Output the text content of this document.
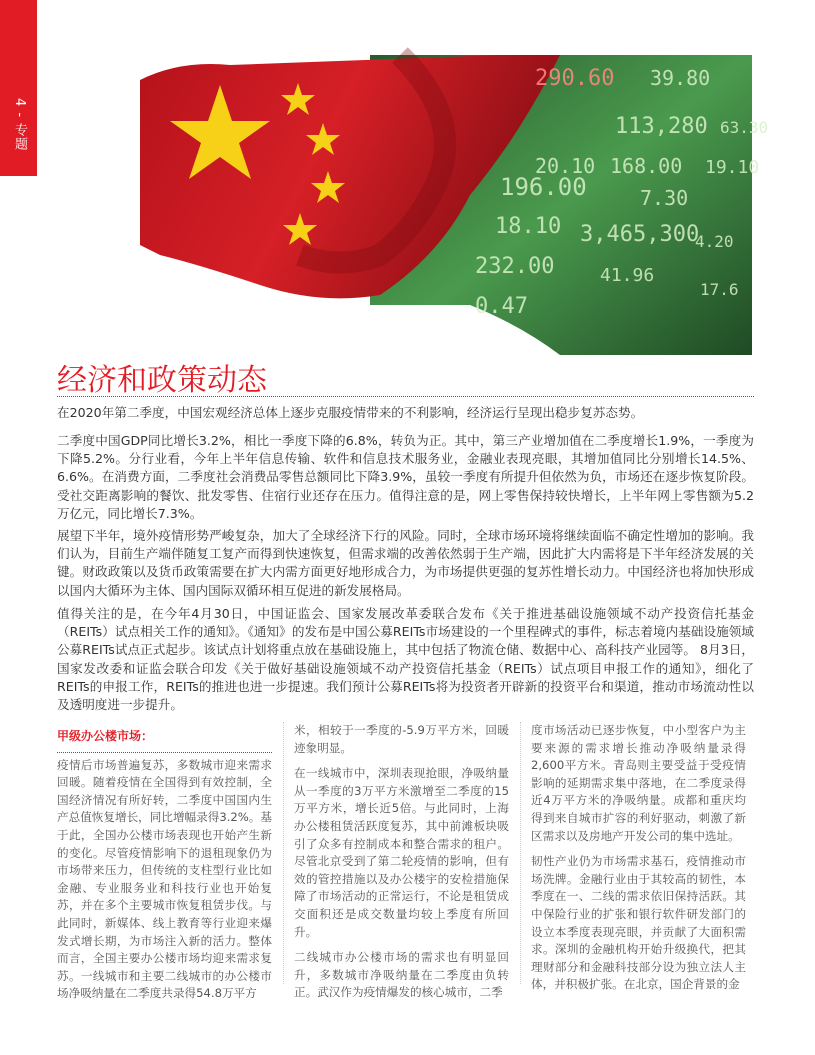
4 - 专题
290.60 39.80
113,280 63.30
20.10 168.00 19.10
196.00	7.30
18.10 3,465,300
232.00
0.47
4.20
41.96
17.6
经济和政策动态

在2020年第二季度，中国宏观经济总体上逐步克服疫情带来的不利影响，经济运行呈现出稳步复苏态势。

二季度中国GDP同比增长3.2%，相比一季度下降的6.8%，转负为正。其中，第三产业增加值在二季度增长1.9%，一季度为下降5.2%。分行业看，今年上半年信息传输、软件和信息技术服务业，金融业表现亮眼，其增加值同比分别增长14.5%、6.6%。在消费方面，二季度社会消费品零售总额同比下降3.9%，虽较一季度有所提升但依然为负，市场还在逐步恢复阶段。受社交距离影响的餐饮、批发零售、住宿行业还存在压力。值得注意的是，网上零售保持较快增长，上半年网上零售额为5.2万亿元，同比增长7.3%。

展望下半年，境外疫情形势严峻复杂，加大了全球经济下行的风险。同时，全球市场环境将继续面临不确定性增加的影响。我们认为，目前生产端伴随复工复产而得到快速恢复，但需求端的改善依然弱于生产端，因此扩大内需将是下半年经济发展的关键。财政政策以及货币政策需要在扩大内需方面更好地形成合力，为市场提供更强的复苏性增长动力。中国经济也将加快形成以国内大循环为主体、国内国际双循环相互促进的新发展格局。

值得关注的是，在今年4月30日，中国证监会、国家发展改革委联合发布《关于推进基础设施领域不动产投资信托基金（REITs）试点相关工作的通知》。《通知》的发布是中国公募REITs市场建设的一个里程碑式的事件，标志着境内基础设施领域公募REITs试点正式起步。该试点计划将重点放在基础设施上，其中包括了物流仓储、数据中心、高科技产业园等。 8月3日，国家发改委和证监会联合印发《关于做好基础设施领域不动产投资信托基金（REITs）试点项目申报工作的通知》，细化了REITs的申报工作，REITs的推进也进一步提速。我们预计公募REITs将为投资者开辟新的投资平台和渠道，推动市场流动性以及透明度进一步提升。

甲级办公楼市场：

疫情后市场普遍复苏，多数城市迎来需求回暖。随着疫情在全国得到有效控制，全国经济情况有所好转，二季度中国国内生产总值恢复增长，同比增幅录得3.2%。基于此，全国办公楼市场表现也开始产生新的变化。尽管疫情影响下的退租现象仍为市场带来压力，但传统的支柱型行业比如金融、专业服务业和科技行业也开始复苏，并在多个主要城市恢复租赁步伐。与此同时，新媒体、线上教育等行业迎来爆发式增长期，为市场注入新的活力。整体而言，全国主要办公楼市场均迎来需求复苏。一线城市和主要二线城市的办公楼市场净吸纳量在二季度共录得54.8万平方

米，相较于一季度的-5.9万平方米，回暖迹象明显。

在一线城市中，深圳表现抢眼，净吸纳量从一季度的3万平方米激增至二季度的15万平方米，增长近5倍。与此同时，上海办公楼租赁活跃度复苏，其中前滩板块吸引了众多有控制成本和整合需求的租户。尽管北京受到了第二轮疫情的影响，但有效的管控措施以及办公楼宇的安检措施保障了市场活动的正常运行，不论是租赁成交面积还是成交数量均较上季度有所回升。

二线城市办公楼市场的需求也有明显回升，多数城市净吸纳量在二季度由负转正。武汉作为疫情爆发的核心城市，二季

度市场活动已逐步恢复，中小型客户为主要来源的需求增长推动净吸纳量录得2,600平方米。青岛则主要受益于受疫情影响的延期需求集中落地，在二季度录得近4万平方米的净吸纳量。成都和重庆均得到来自城市扩容的利好驱动，刺激了新区需求以及房地产开发公司的集中选址。

韧性产业仍为市场需求基石，疫情推动市场洗牌。金融行业由于其较高的韧性，本季度在一、二线的需求依旧保持活跃。其中保险行业的扩张和银行软件研发部门的设立本季度表现亮眼，并贡献了大面积需求。深圳的金融机构开始升级换代，把其理财部分和金融科技部分设为独立法人主体，并积极扩张。在北京，国企背景的金
